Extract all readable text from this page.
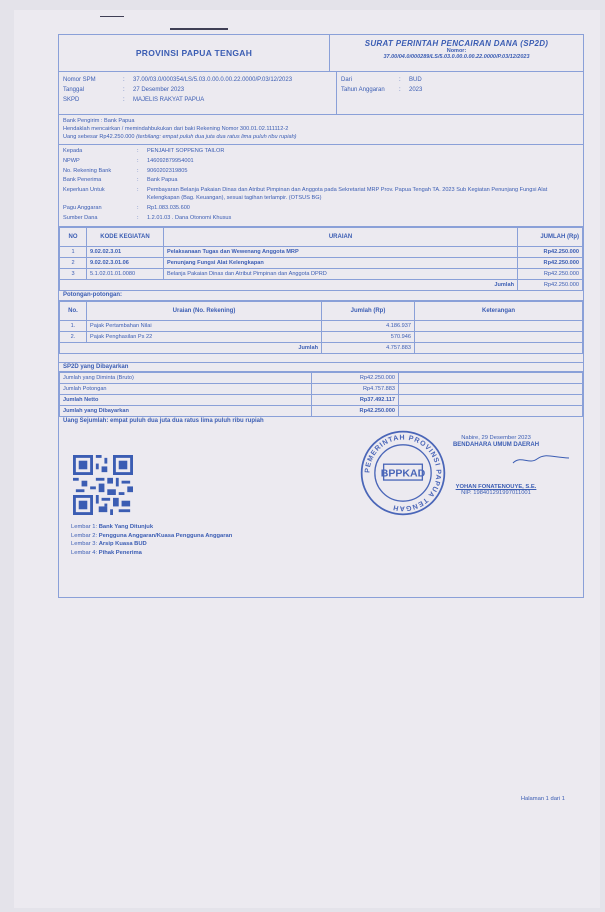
PROVINSI PAPUA TENGAH
SURAT PERINTAH PENCAIRAN DANA (SP2D)
Nomor:
37.00/04.0/000289/LS/5.03.0.00.0.00.22.0000/P.03/12/2023
Nomor SPM	:	37.00/03.0/000354/LS/5.03.0.00.0.00.22.0000/P.03/12/2023
Tanggal	:	27 Desember 2023
SKPD	:	MAJELIS RAKYAT PAPUA
Dari	:	BUD
Tahun Anggaran	:	2023
Bank Pengirim : Bank Papua
Hendaklah mencairkan / memindahbukukan dari baki Rekening Nomor 300.01.02.111112-2
Uang sebesar Rp42.250.000 (terbilang: empat puluh dua juta dua ratus lima puluh ribu rupiah)
Kepada	:	PENJAHIT SOPPENG TAILOR
NPWP	:	146092879954001
No. Rekening Bank	:	9060202319805
Bank Penerima	:	Bank Papua
Keperluan Untuk	:	Pembayaran Belanja Pakaian Dinas dan Atribut Pimpinan dan Anggota pada Sekretariat MRP Prov. Papua Tengah TA. 2023 Sub Kegiatan Penunjang Fungsi Alat Kelengkapan (Bag. Keuangan), sesuai tagihan terlampir. (OTSUS BG)
Pagu Anggaran	:	Rp1.083.035.600
Sumber Dana	:	1.2.01.03 . Dana Otonomi Khusus
NO	KODE KEGIATAN	URAIAN	JUMLAH (Rp)
1	9.02.02.3.01	Pelaksanaan Tugas dan Wewenang Anggota MRP	Rp42.250.000
2	9.02.02.3.01.06	Penunjang Fungsi Alat Kelengkapan	Rp42.250.000
3	5.1.02.01.01.0080	Belanja Pakaian Dinas dan Atribut Pimpinan dan Anggota DPRD	Rp42.250.000
Jumlah			Rp42.250.000
Potongan-potongan:
No.	Uraian (No. Rekening)	Jumlah (Rp)	Keterangan
1.	Pajak Pertambahan Nilai	4.186.937	
2.	Pajak Penghasilan Ps 22	570.946	
Jumlah		4.757.883	
SP2D yang Dibayarkan
Jumlah yang Diminta (Bruto)	Rp42.250.000	
Jumlah Potongan	Rp4.757.883	
Jumlah Netto	Rp37.492.117	
Jumlah yang Dibayarkan	Rp42.250.000	
Uang Sejumlah: empat puluh dua juta dua ratus lima puluh ribu rupiah
PEMERINTAH PROVINSI PAPUA TENGAH
BPPKAD
Nabire, 29 Desember 2023
BENDAHARA UMUM DAERAH
YOHAN FONATENOUYE, S.E.
NIP. 198401291997011001
Lembar 1: Bank Yang Ditunjuk
Lembar 2: Pengguna Anggaran/Kuasa Pengguna Anggaran
Lembar 3: Arsip Kuasa BUD
Lembar 4: Pihak Penerima
Halaman 1 dari 1
